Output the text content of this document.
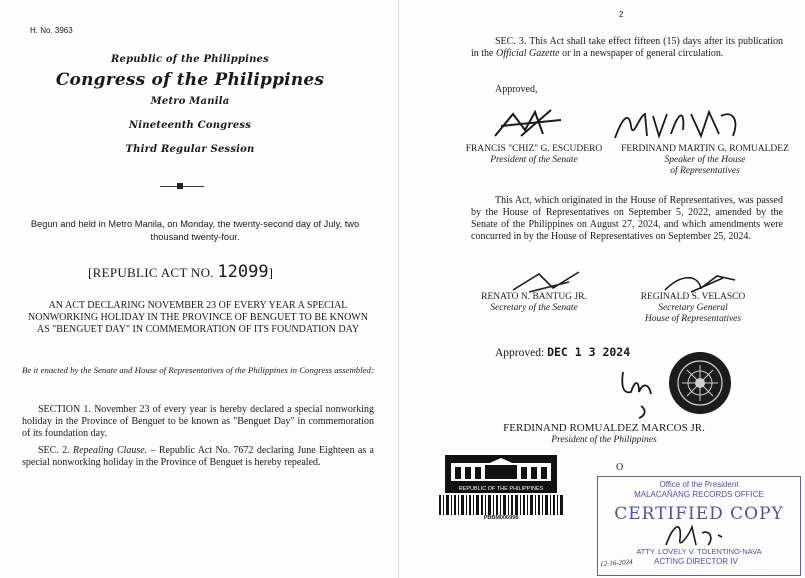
H. No. 3963
Republic of the Philippines
Congress of the Philippines
Metro Manila
Nineteenth Congress
Third Regular Session
Begun and held in Metro Manila, on Monday, the twenty-second day of July, two thousand twenty-four.
[REPUBLIC ACT NO. 12099]
AN ACT DECLARING NOVEMBER 23 OF EVERY YEAR A SPECIAL NONWORKING HOLIDAY IN THE PROVINCE OF BENGUET TO BE KNOWN AS "BENGUET DAY" IN COMMEMORATION OF ITS FOUNDATION DAY
Be it enacted by the Senate and House of Representatives of the Philippines in Congress assembled:

SECTION 1. November 23 of every year is hereby declared a special nonworking holiday in the Province of Benguet to be known as "Benguet Day" in commemoration of its foundation day.

SEC. 2. Repealing Clause. – Republic Act No. 7672 declaring June Eighteen as a special nonworking holiday in the Province of Benguet is hereby repealed.

2

SEC. 3. This Act shall take effect fifteen (15) days after its publication in the Official Gazette or in a newspaper of general circulation.

Approved,
FRANCIS "CHIZ" G. ESCUDERO
President of the Senate
FERDINAND MARTIN G. ROMUALDEZ
Speaker of the House
of Representatives

This Act, which originated in the House of Representatives, was passed by the House of Representatives on September 5, 2022, amended by the Senate of the Philippines on August 27, 2024, and which amendments were concurred in by the House of Representatives on September 25, 2024.

RENATO N. BANTUG JR.
Secretary of the Senate
REGINALD S. VELASCO
Secretary General
House of Representatives
Approved: DEC 1 3 2024
FERDINAND ROMUALDEZ MARCOS JR.
President of the Philippines
O
REPUBLIC OF THE PHILIPPINES
PBBM006998
Office of the President
MALACAÑANG RECORDS OFFICE
CERTIFIED COPY
ATTY. LOVELY V. TOLENTINO-NAVA
ACTING DIRECTOR IV
12-16-2024
